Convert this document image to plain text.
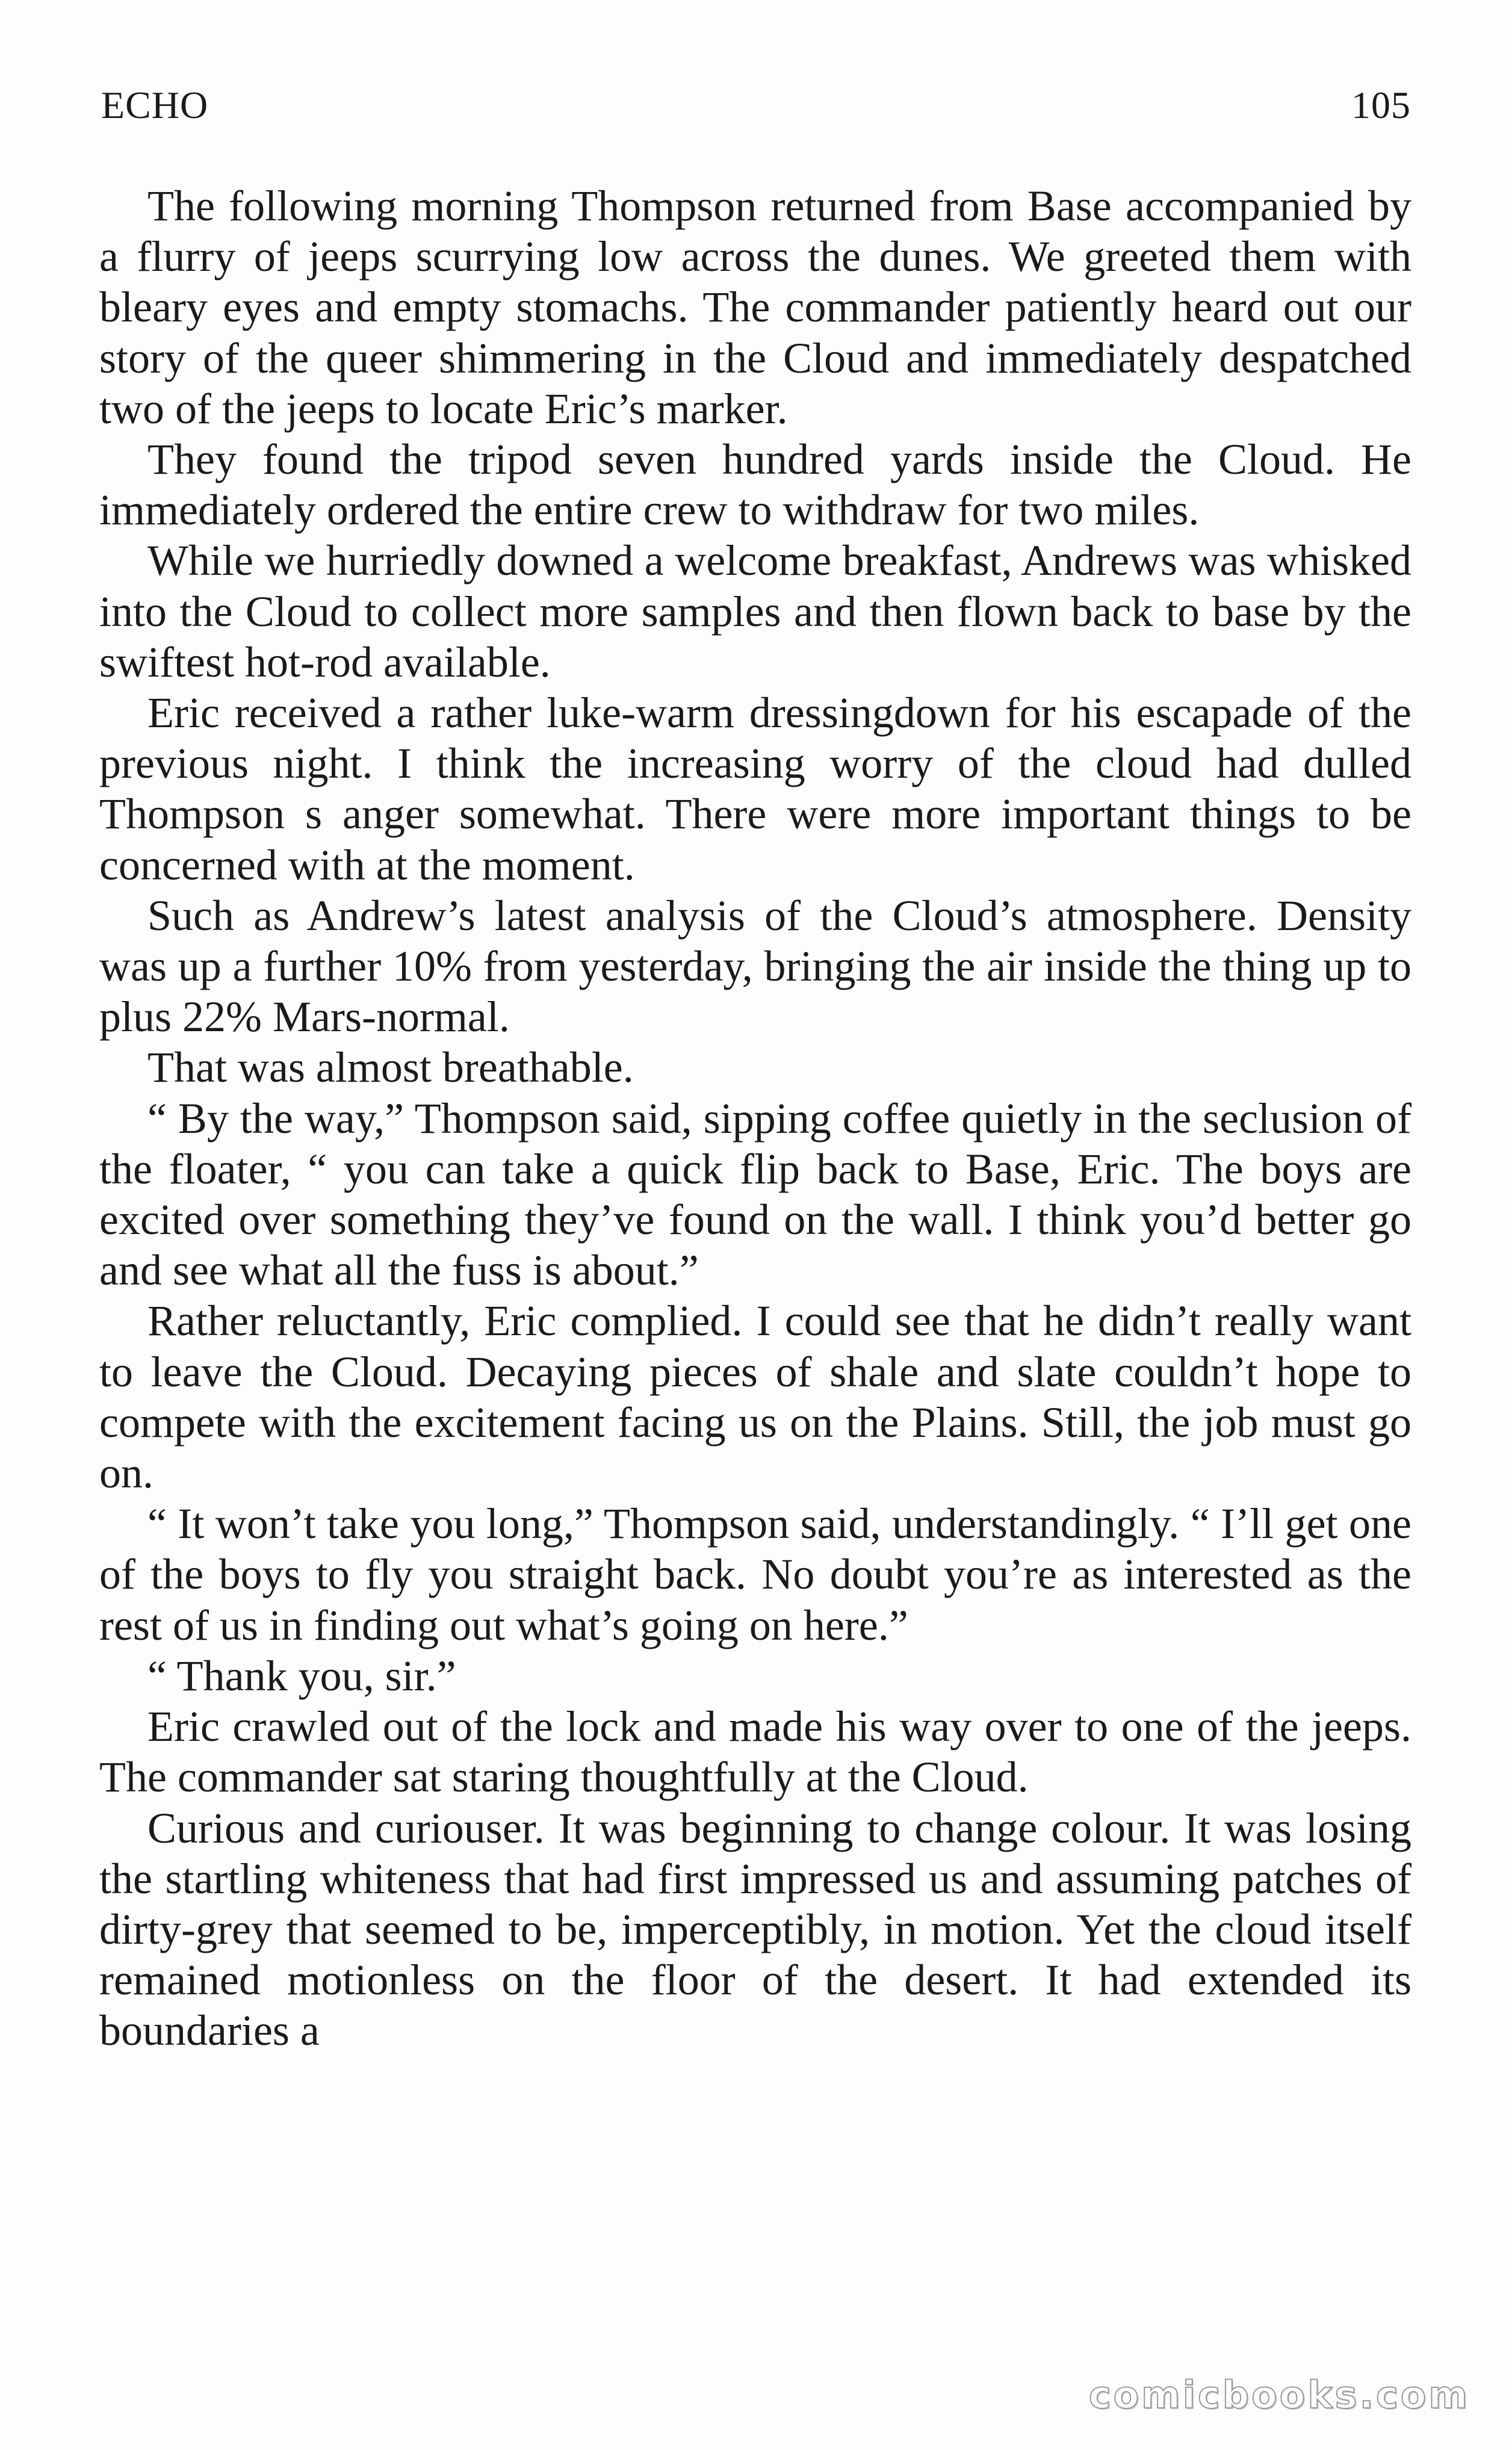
ECHO	105

The following morning Thompson returned from Base accompanied by a flurry of jeeps scurrying low across the dunes. We greeted them with bleary eyes and empty stomachs. The commander patiently heard out our story of the queer shimmering in the Cloud and immediately despatched two of the jeeps to locate Eric’s marker.

They found the tripod seven hundred yards inside the Cloud. He immediately ordered the entire crew to withdraw for two miles.

While we hurriedly downed a welcome breakfast, Andrews was whisked into the Cloud to collect more samples and then flown back to base by the swiftest hot-rod available.

Eric received a rather luke-warm dressingdown for his escapade of the previous night. I think the increasing worry of the cloud had dulled Thompson s anger somewhat. There were more important things to be concerned with at the moment.

Such as Andrew’s latest analysis of the Cloud’s atmosphere. Density was up a further 10% from yesterday, bringing the air inside the thing up to plus 22% Mars-normal.

That was almost breathable.

“ By the way,” Thompson said, sipping coffee quietly in the seclusion of the floater, “ you can take a quick flip back to Base, Eric. The boys are excited over something they’ve found on the wall. I think you’d better go and see what all the fuss is about.”

Rather reluctantly, Eric complied. I could see that he didn’t really want to leave the Cloud. Decaying pieces of shale and slate couldn’t hope to compete with the excitement facing us on the Plains. Still, the job must go on.

“ It won’t take you long,” Thompson said, understandingly. “ I’ll get one of the boys to fly you straight back. No doubt you’re as interested as the rest of us in finding out what’s going on here.”

“ Thank you, sir.”

Eric crawled out of the lock and made his way over to one of the jeeps. The commander sat staring thoughtfully at the Cloud.

Curious and curiouser. It was beginning to change colour. It was losing the startling whiteness that had first impressed us and assuming patches of dirty-grey that seemed to be, imperceptibly, in motion. Yet the cloud itself remained motionless on the floor of the desert. It had extended its boundaries a

comicbooks.com
